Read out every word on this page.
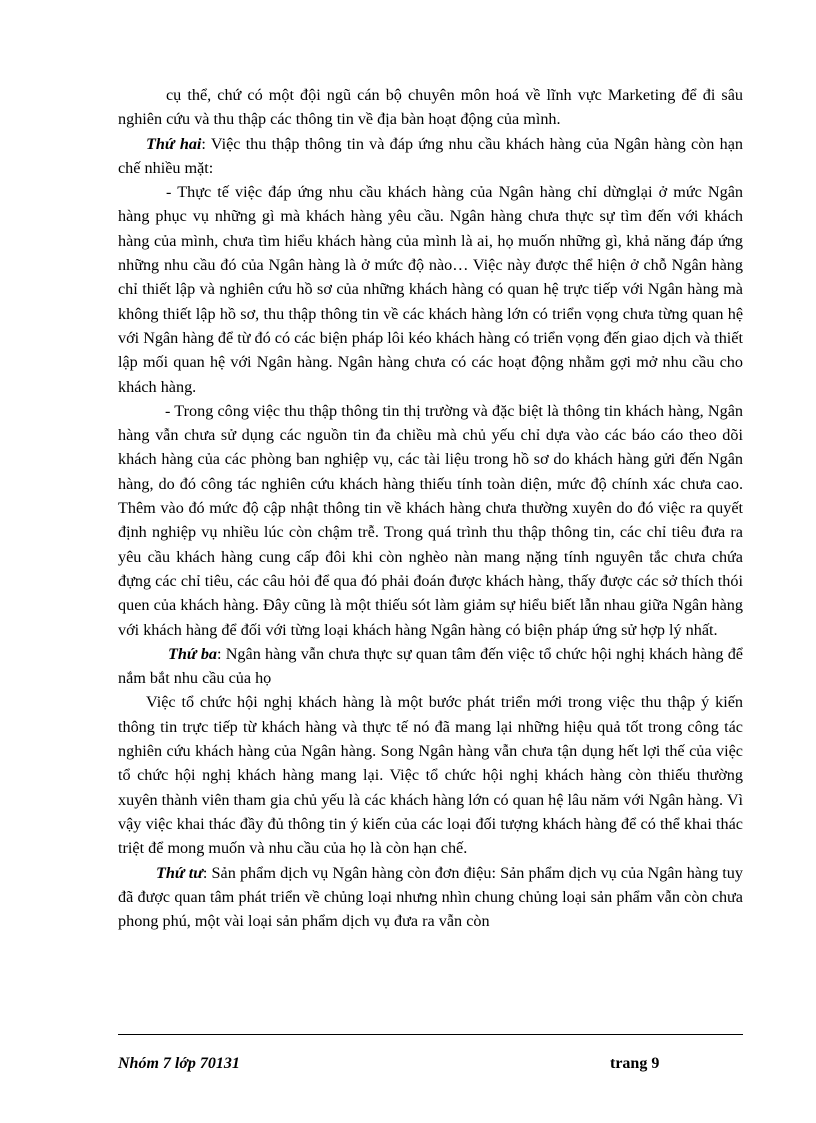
cụ thể, chứ có một đội ngũ cán bộ chuyên môn hoá về lĩnh vực Marketing để đi sâu nghiên cứu và thu thập các thông tin về địa bàn hoạt động của mình.

Thứ hai: Việc thu thập thông tin và đáp ứng nhu cầu khách hàng của Ngân hàng còn hạn chế nhiều mặt:

- Thực tế việc đáp ứng nhu cầu khách hàng của Ngân hàng chỉ dừnglại ở mức Ngân hàng phục vụ những gì mà khách hàng yêu cầu. Ngân hàng chưa thực sự tìm đến với khách hàng của mình, chưa tìm hiểu khách hàng của mình là ai, họ muốn những gì, khả năng đáp ứng những nhu cầu đó của Ngân hàng là ở mức độ nào… Việc này được thể hiện ở chỗ Ngân hàng chỉ thiết lập và nghiên cứu hồ sơ của những khách hàng có quan hệ trực tiếp với Ngân hàng mà không thiết lập hồ sơ, thu thập thông tin về các khách hàng lớn có triển vọng chưa từng quan hệ với Ngân hàng để từ đó có các biện pháp lôi kéo khách hàng có triển vọng đến giao dịch và thiết lập mối quan hệ với Ngân hàng. Ngân hàng chưa có các hoạt động nhằm gợi mở nhu cầu cho khách hàng.

- Trong công việc thu thập thông tin thị trường và đặc biệt là thông tin khách hàng, Ngân hàng vẫn chưa sử dụng các nguồn tin đa chiều mà chủ yếu chỉ dựa vào các báo cáo theo dõi khách hàng của các phòng ban nghiệp vụ, các tài liệu trong hồ sơ do khách hàng gửi đến Ngân hàng, do đó công tác nghiên cứu khách hàng thiếu tính toàn diện, mức độ chính xác chưa cao. Thêm vào đó mức độ cập nhật thông tin về khách hàng chưa thường xuyên do đó việc ra quyết định nghiệp vụ nhiều lúc còn chậm trễ. Trong quá trình thu thập thông tin, các chỉ tiêu đưa ra yêu cầu khách hàng cung cấp đôi khi còn nghèo nàn mang nặng tính nguyên tắc chưa chứa đựng các chỉ tiêu, các câu hỏi để qua đó phải đoán được khách hàng, thấy được các sở thích thói quen của khách hàng. Đây cũng là một thiếu sót làm giảm sự hiểu biết lẫn nhau giữa Ngân hàng với khách hàng để đối với từng loại khách hàng Ngân hàng có biện pháp ứng sử hợp lý nhất.

Thứ ba: Ngân hàng vẫn chưa thực sự quan tâm đến việc tổ chức hội nghị khách hàng để nắm bắt nhu cầu của họ

Việc tổ chức hội nghị khách hàng là một bước phát triển mới trong việc thu thập ý kiến thông tin trực tiếp từ khách hàng và thực tế nó đã mang lại những hiệu quả tốt trong công tác nghiên cứu khách hàng của Ngân hàng. Song Ngân hàng vẫn chưa tận dụng hết lợi thế của việc tổ chức hội nghị khách hàng mang lại. Việc tổ chức hội nghị khách hàng còn thiếu thường xuyên thành viên tham gia chủ yếu là các khách hàng lớn có quan hệ lâu năm với Ngân hàng. Vì vậy việc khai thác đầy đủ thông tin ý kiến của các loại đối tượng khách hàng để có thể khai thác triệt để mong muốn và nhu cầu của họ là còn hạn chế.

Thứ tư: Sản phẩm dịch vụ Ngân hàng còn đơn điệu: Sản phẩm dịch vụ của Ngân hàng tuy đã được quan tâm phát triển về chủng loại nhưng nhìn chung chủng loại sản phẩm vẫn còn chưa phong phú, một vài loại sản phẩm dịch vụ đưa ra vẫn còn

Nhóm 7 lớp 70131	trang 9
